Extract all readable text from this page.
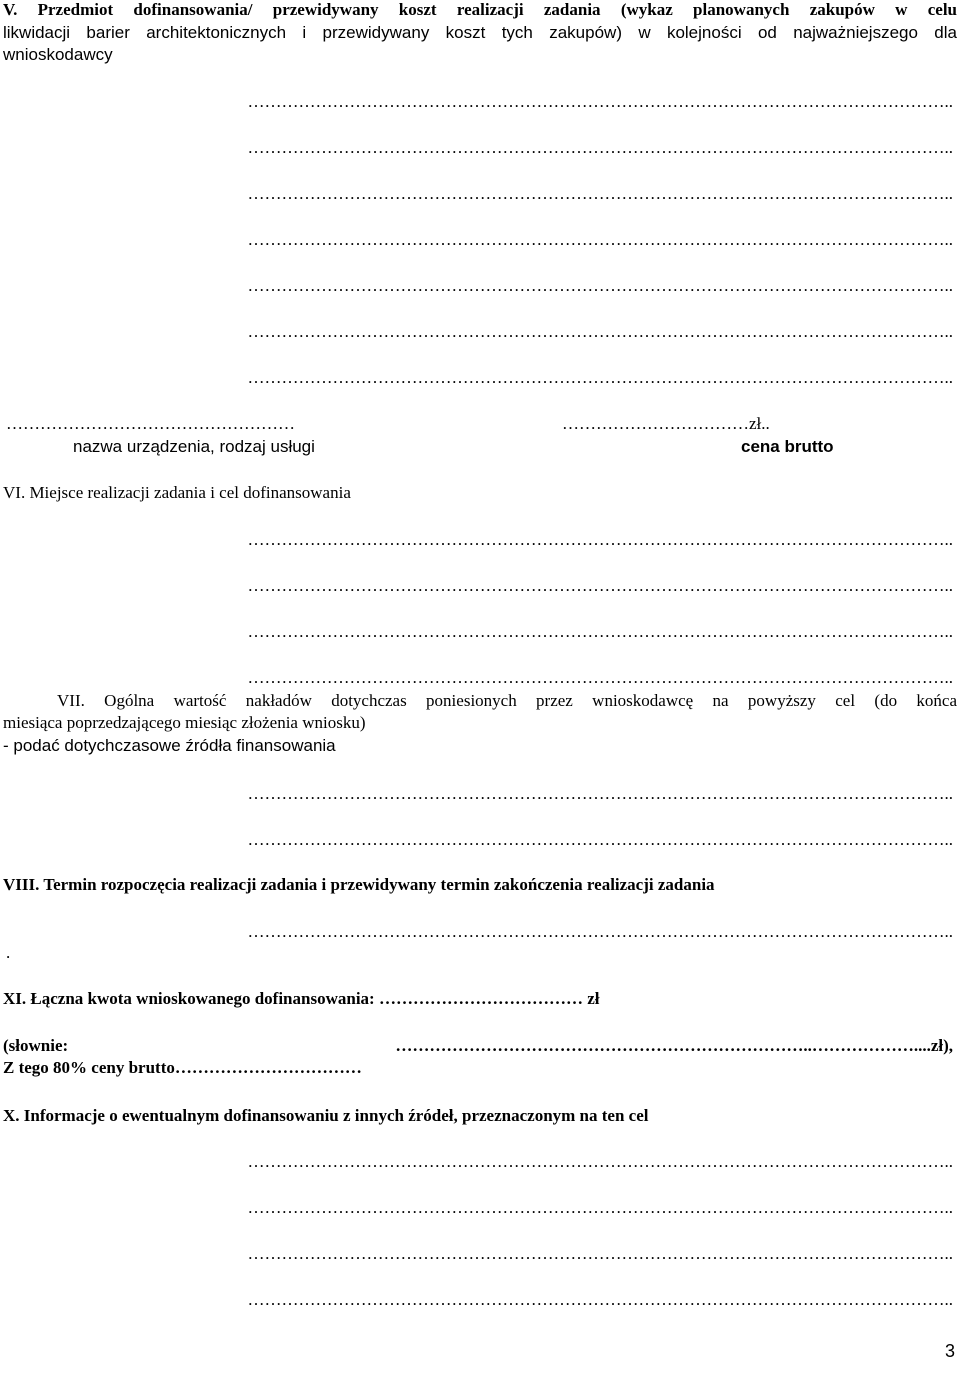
V. Przedmiot dofinansowania/ przewidywany koszt realizacji zadania (wykaz planowanych zakupów w celu
likwidacji barier architektonicznych i przewidywany koszt tych zakupów) w kolejności od najważniejszego dla
wnioskodawcy
……………………………………………………………………………………………………………..
……………………………………………………………………………………………………………..
……………………………………………………………………………………………………………..
……………………………………………………………………………………………………………..
……………………………………………………………………………………………………………..
……………………………………………………………………………………………………………..
……………………………………………………………………………………………………………..
……………………………………………	……………………………zł..
nazwa urządzenia, rodzaj usługi	cena brutto
VI. Miejsce realizacji zadania i cel dofinansowania
……………………………………………………………………………………………………………..
……………………………………………………………………………………………………………..
……………………………………………………………………………………………………………..
……………………………………………………………………………………………………………..
VII. Ogólna wartość nakładów dotychczas poniesionych przez wnioskodawcę na powyższy cel (do końca
miesiąca poprzedzającego miesiąc złożenia wniosku)
- podać dotychczasowe źródła finansowania
……………………………………………………………………………………………………………..
……………………………………………………………………………………………………………..
VIII. Termin rozpoczęcia realizacji zadania i przewidywany termin zakończenia realizacji zadania
……………………………………………………………………………………………………………..
.
XI. Łączna kwota wnioskowanego dofinansowania: ……………………………… zł
(słownie: ………………………………………………………………..………………....zł),
Z tego 80% ceny brutto……………………………
X. Informacje o ewentualnym dofinansowaniu z innych źródeł, przeznaczonym na ten cel
……………………………………………………………………………………………………………..
……………………………………………………………………………………………………………..
……………………………………………………………………………………………………………..
……………………………………………………………………………………………………………..
3
